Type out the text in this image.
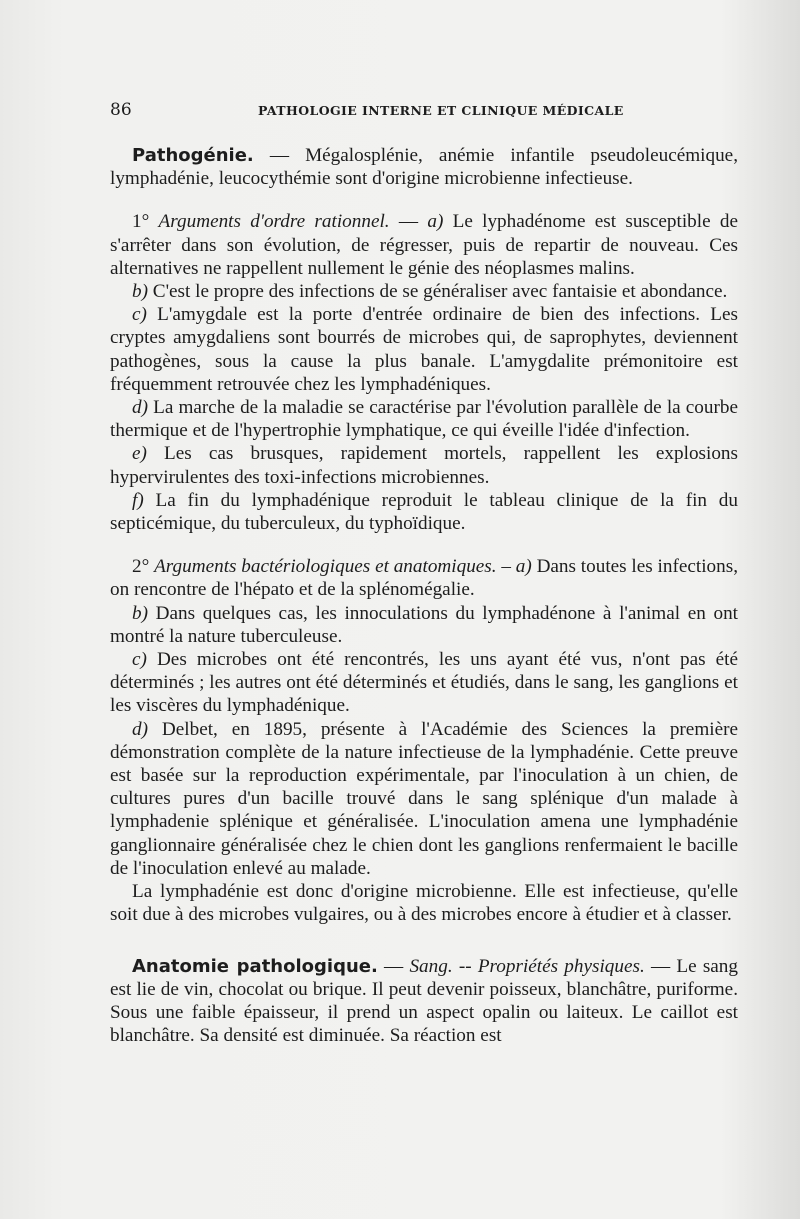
86	PATHOLOGIE INTERNE ET CLINIQUE MÉDICALE

Pathogénie. — Mégalosplénie, anémie infantile pseudoleucémique, lymphadénie, leucocythémie sont d'origine microbienne infectieuse.

1° Arguments d'ordre rationnel. — a) Le lyphadénome est susceptible de s'arrêter dans son évolution, de régresser, puis de repartir de nouveau. Ces alternatives ne rappellent nullement le génie des néoplasmes malins.

b) C'est le propre des infections de se généraliser avec fantaisie et abondance.

c) L'amygdale est la porte d'entrée ordinaire de bien des infections. Les cryptes amygdaliens sont bourrés de microbes qui, de saprophytes, deviennent pathogènes, sous la cause la plus banale. L'amygdalite prémonitoire est fréquemment retrouvée chez les lymphadéniques.

d) La marche de la maladie se caractérise par l'évolution parallèle de la courbe thermique et de l'hypertrophie lymphatique, ce qui éveille l'idée d'infection.

e) Les cas brusques, rapidement mortels, rappellent les explosions hypervirulentes des toxi-infections microbiennes.

f) La fin du lymphadénique reproduit le tableau clinique de la fin du septicémique, du tuberculeux, du typhoïdique.

2° Arguments bactériologiques et anatomiques. – a) Dans toutes les infections, on rencontre de l'hépato et de la splénomégalie.

b) Dans quelques cas, les innoculations du lymphadénone à l'animal en ont montré la nature tuberculeuse.

c) Des microbes ont été rencontrés, les uns ayant été vus, n'ont pas été déterminés ; les autres ont été déterminés et étudiés, dans le sang, les ganglions et les viscères du lymphadénique.

d) Delbet, en 1895, présente à l'Académie des Sciences la première démonstration complète de la nature infectieuse de la lymphadénie. Cette preuve est basée sur la reproduction expérimentale, par l'inoculation à un chien, de cultures pures d'un bacille trouvé dans le sang splénique d'un malade à lymphadenie splénique et généralisée. L'inoculation amena une lymphadénie ganglionnaire généralisée chez le chien dont les ganglions renfermaient le bacille de l'inoculation enlevé au malade.

La lymphadénie est donc d'origine microbienne. Elle est infectieuse, qu'elle soit due à des microbes vulgaires, ou à des microbes encore à étudier et à classer.

Anatomie pathologique. — Sang. -- Propriétés physiques. — Le sang est lie de vin, chocolat ou brique. Il peut devenir poisseux, blanchâtre, puriforme. Sous une faible épaisseur, il prend un aspect opalin ou laiteux. Le caillot est blanchâtre. Sa densité est diminuée. Sa réaction est
